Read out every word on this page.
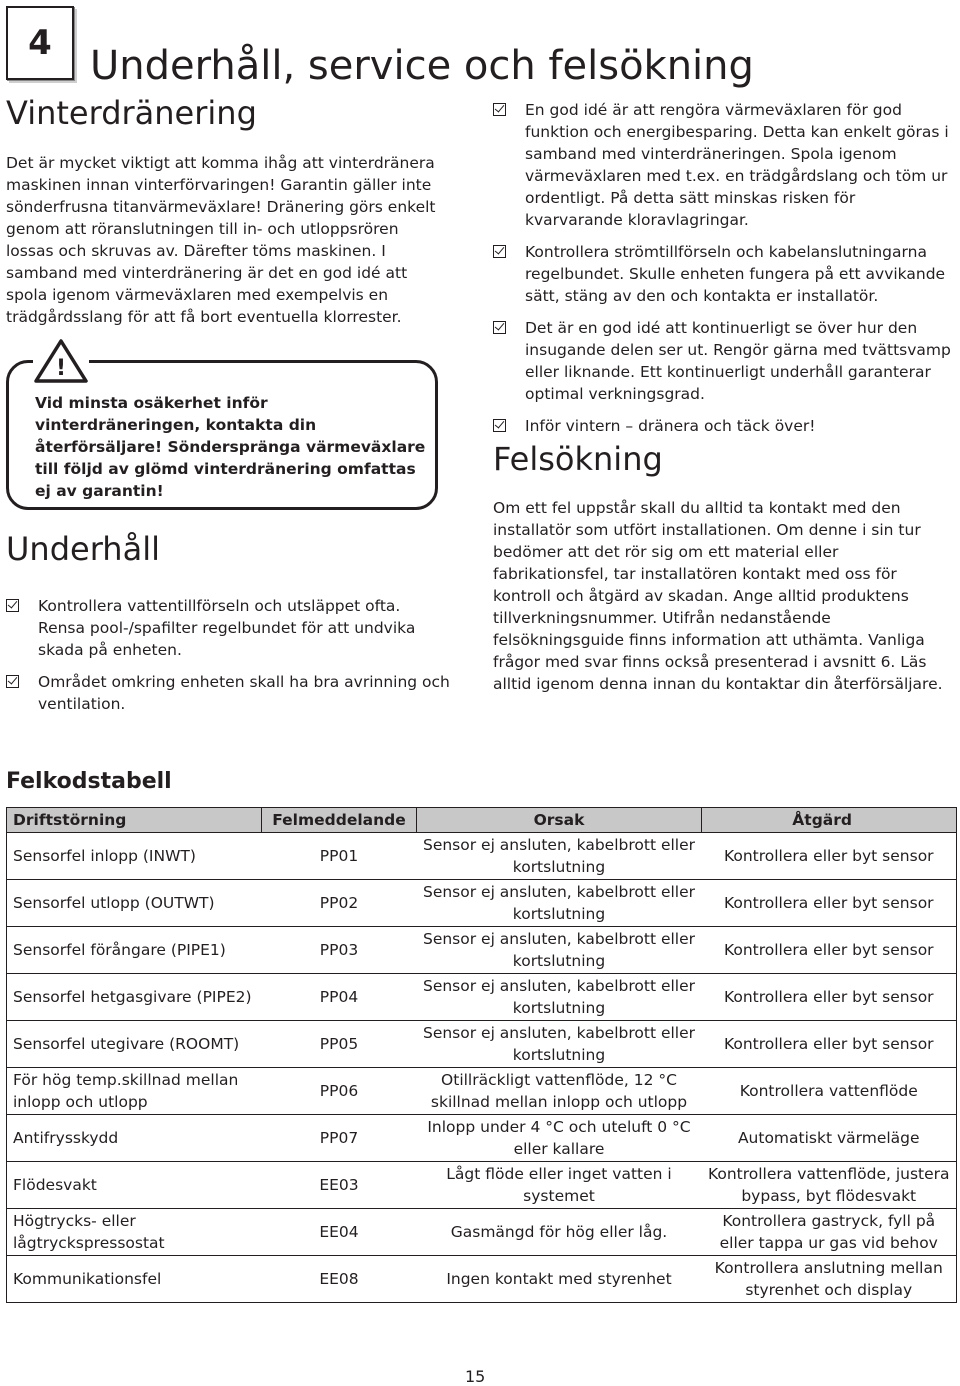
4 Underhåll, service och felsökning
Vinterdränering

Det är mycket viktigt att komma ihåg att vinterdränera maskinen innan vinterförvaringen! Garantin gäller inte sönderfrusna titanvärmeväxlare! Dränering görs enkelt genom att röranslutningen till in- och utloppsrören lossas och skruvas av. Därefter töms maskinen. I samband med vinterdränering är det en god idé att spola igenom värmeväxlaren med exempelvis en trädgårdsslang för att få bort eventuella klorrester.

!

Vid minsta osäkerhet inför vinterdräneringen, kontakta din återförsäljare! Sönderspränga värmeväxlare till följd av glömd vinterdränering omfattas ej av garantin!

Underhåll
Kontrollera vattentillförseln och utsläppet ofta. Rensa pool-/spafilter regelbundet för att undvika skada på enheten.
Området omkring enheten skall ha bra avrinning och ventilation.
En god idé är att rengöra värmeväxlaren för god funktion och energibesparing. Detta kan enkelt göras i samband med vinterdräneringen. Spola igenom värmeväxlaren med t.ex. en trädgårdslang och töm ur ordentligt. På detta sätt minskas risken för kvarvarande kloravlagringar.
Kontrollera strömtillförseln och kabelanslutningarna regelbundet. Skulle enheten fungera på ett avvikande sätt, stäng av den och kontakta er installatör.
Det är en god idé att kontinuerligt se över hur den insugande delen ser ut. Rengör gärna med tvättsvamp eller liknande. Ett kontinuerligt underhåll garanterar optimal verkningsgrad.
Inför vintern – dränera och täck över!
Felsökning

Om ett fel uppstår skall du alltid ta kontakt med den installatör som utfört installationen. Om denne i sin tur bedömer att det rör sig om ett material eller fabrikationsfel, tar installatören kontakt med oss för kontroll och åtgärd av skadan. Ange alltid produktens tillverkningsnummer. Utifrån nedanstående felsökningsguide finns information att uthämta. Vanliga frågor med svar finns också presenterad i avsnitt 6. Läs alltid igenom denna innan du kontaktar din återförsäljare.

Felkodstabell
Driftstörning	Felmeddelande	Orsak	Åtgärd
Sensorfel inlopp (INWT)	PP01	Sensor ej ansluten, kabelbrott eller kortslutning	Kontrollera eller byt sensor
Sensorfel utlopp (OUTWT)	PP02	Sensor ej ansluten, kabelbrott eller kortslutning	Kontrollera eller byt sensor
Sensorfel förångare (PIPE1)	PP03	Sensor ej ansluten, kabelbrott eller kortslutning	Kontrollera eller byt sensor
Sensorfel hetgasgivare (PIPE2)	PP04	Sensor ej ansluten, kabelbrott eller kortslutning	Kontrollera eller byt sensor
Sensorfel utegivare (ROOMT)	PP05	Sensor ej ansluten, kabelbrott eller kortslutning	Kontrollera eller byt sensor
För hög temp.skillnad mellan inlopp och utlopp	PP06	Otillräckligt vattenflöde, 12 °C skillnad mellan inlopp och utlopp	Kontrollera vattenflöde
Antifrysskydd	PP07	Inlopp under 4 °C och uteluft 0 °C eller kallare	Automatiskt värmeläge
Flödesvakt	EE03	Lågt flöde eller inget vatten i systemet	Kontrollera vattenflöde, justera bypass, byt flödesvakt
Högtrycks- eller lågtryckspressostat	EE04	Gasmängd för hög eller låg.	Kontrollera gastryck, fyll på eller tappa ur gas vid behov
Kommunikationsfel	EE08	Ingen kontakt med styrenhet	Kontrollera anslutning mellan styrenhet och display
15
